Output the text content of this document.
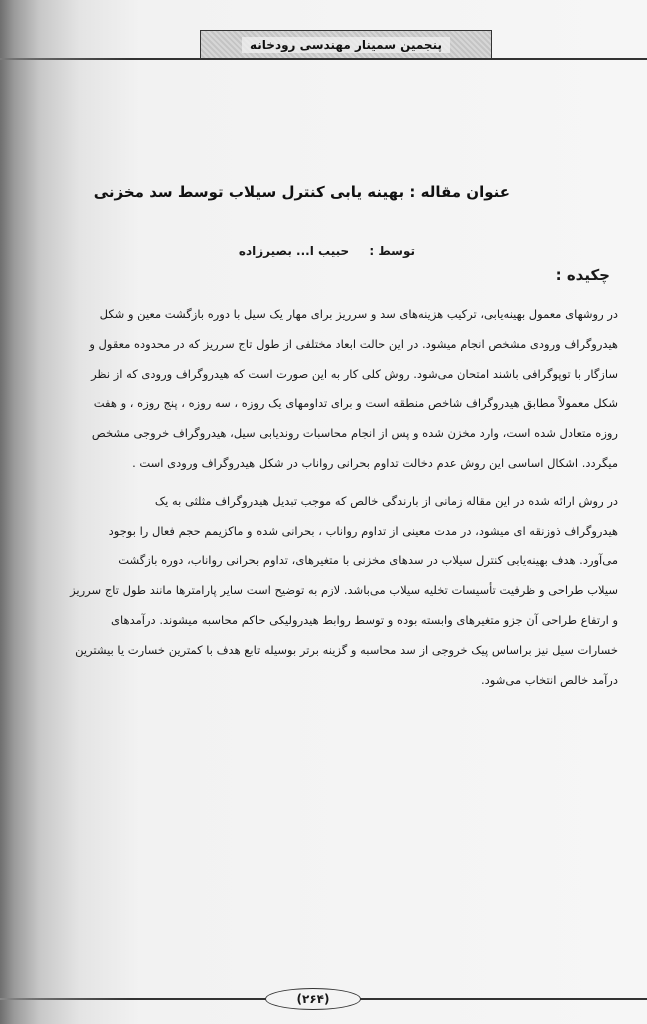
پنجمین سمینار مهندسی رودخانه
عنوان مقاله : بهینه یابی کنترل سیلاب توسط سد مخزنی
توسط : حبیب ا... بصیرزاده
چکیده :
در روشهای معمول بهینه‌یابی، ترکیب هزینه‌های سد و سرریز برای مهار یک سیل با دوره بازگشت معین و شکل
هیدروگراف ورودی مشخص انجام میشود. در این حالت ابعاد مختلفی از طول تاج سرریز که در محدوده معقول و
سازگار با توپوگرافی باشند امتحان می‌شود. روش کلی کار به این صورت است که هیدروگراف ورودی که از نظر
شکل معمولاً مطابق هیدروگراف شاخص منطقه است و برای تداومهای یک روزه ، سه روزه ، پنج روزه ، و هفت
روزه متعادل شده است، وارد مخزن شده و پس از انجام محاسبات روندیابی سیل، هیدروگراف خروجی مشخص
میگردد. اشکال اساسی این روش عدم دخالت تداوم بحرانی رواناب در شکل هیدروگراف ورودی است .
در روش ارائه شده در این مقاله زمانی از بارندگی خالص که موجب تبدیل هیدروگراف مثلثی به یک
هیدروگراف ذوزنقه ای میشود، در مدت معینی از تداوم رواناب ، بحرانی شده و ماکزیمم حجم فعال را بوجود
می‌آورد. هدف بهینه‌یابی کنترل سیلاب در سدهای مخزنی با متغیرهای، تداوم بحرانی رواناب، دوره بازگشت
سیلاب طراحی و ظرفیت تأسیسات تخلیه سیلاب می‌باشد. لازم به توضیح است سایر پارامترها مانند طول تاج سرریز
و ارتفاع طراحی آن جزو متغیرهای وابسته بوده و توسط روابط هیدرولیکی حاکم محاسبه میشوند. درآمدهای
خسارات سیل نیز براساس پیک خروجی از سد محاسبه و گزینه برتر بوسیله تابع هدف با کمترین خسارت یا بیشترین
درآمد خالص انتخاب می‌شود.
(۲۶۴)
